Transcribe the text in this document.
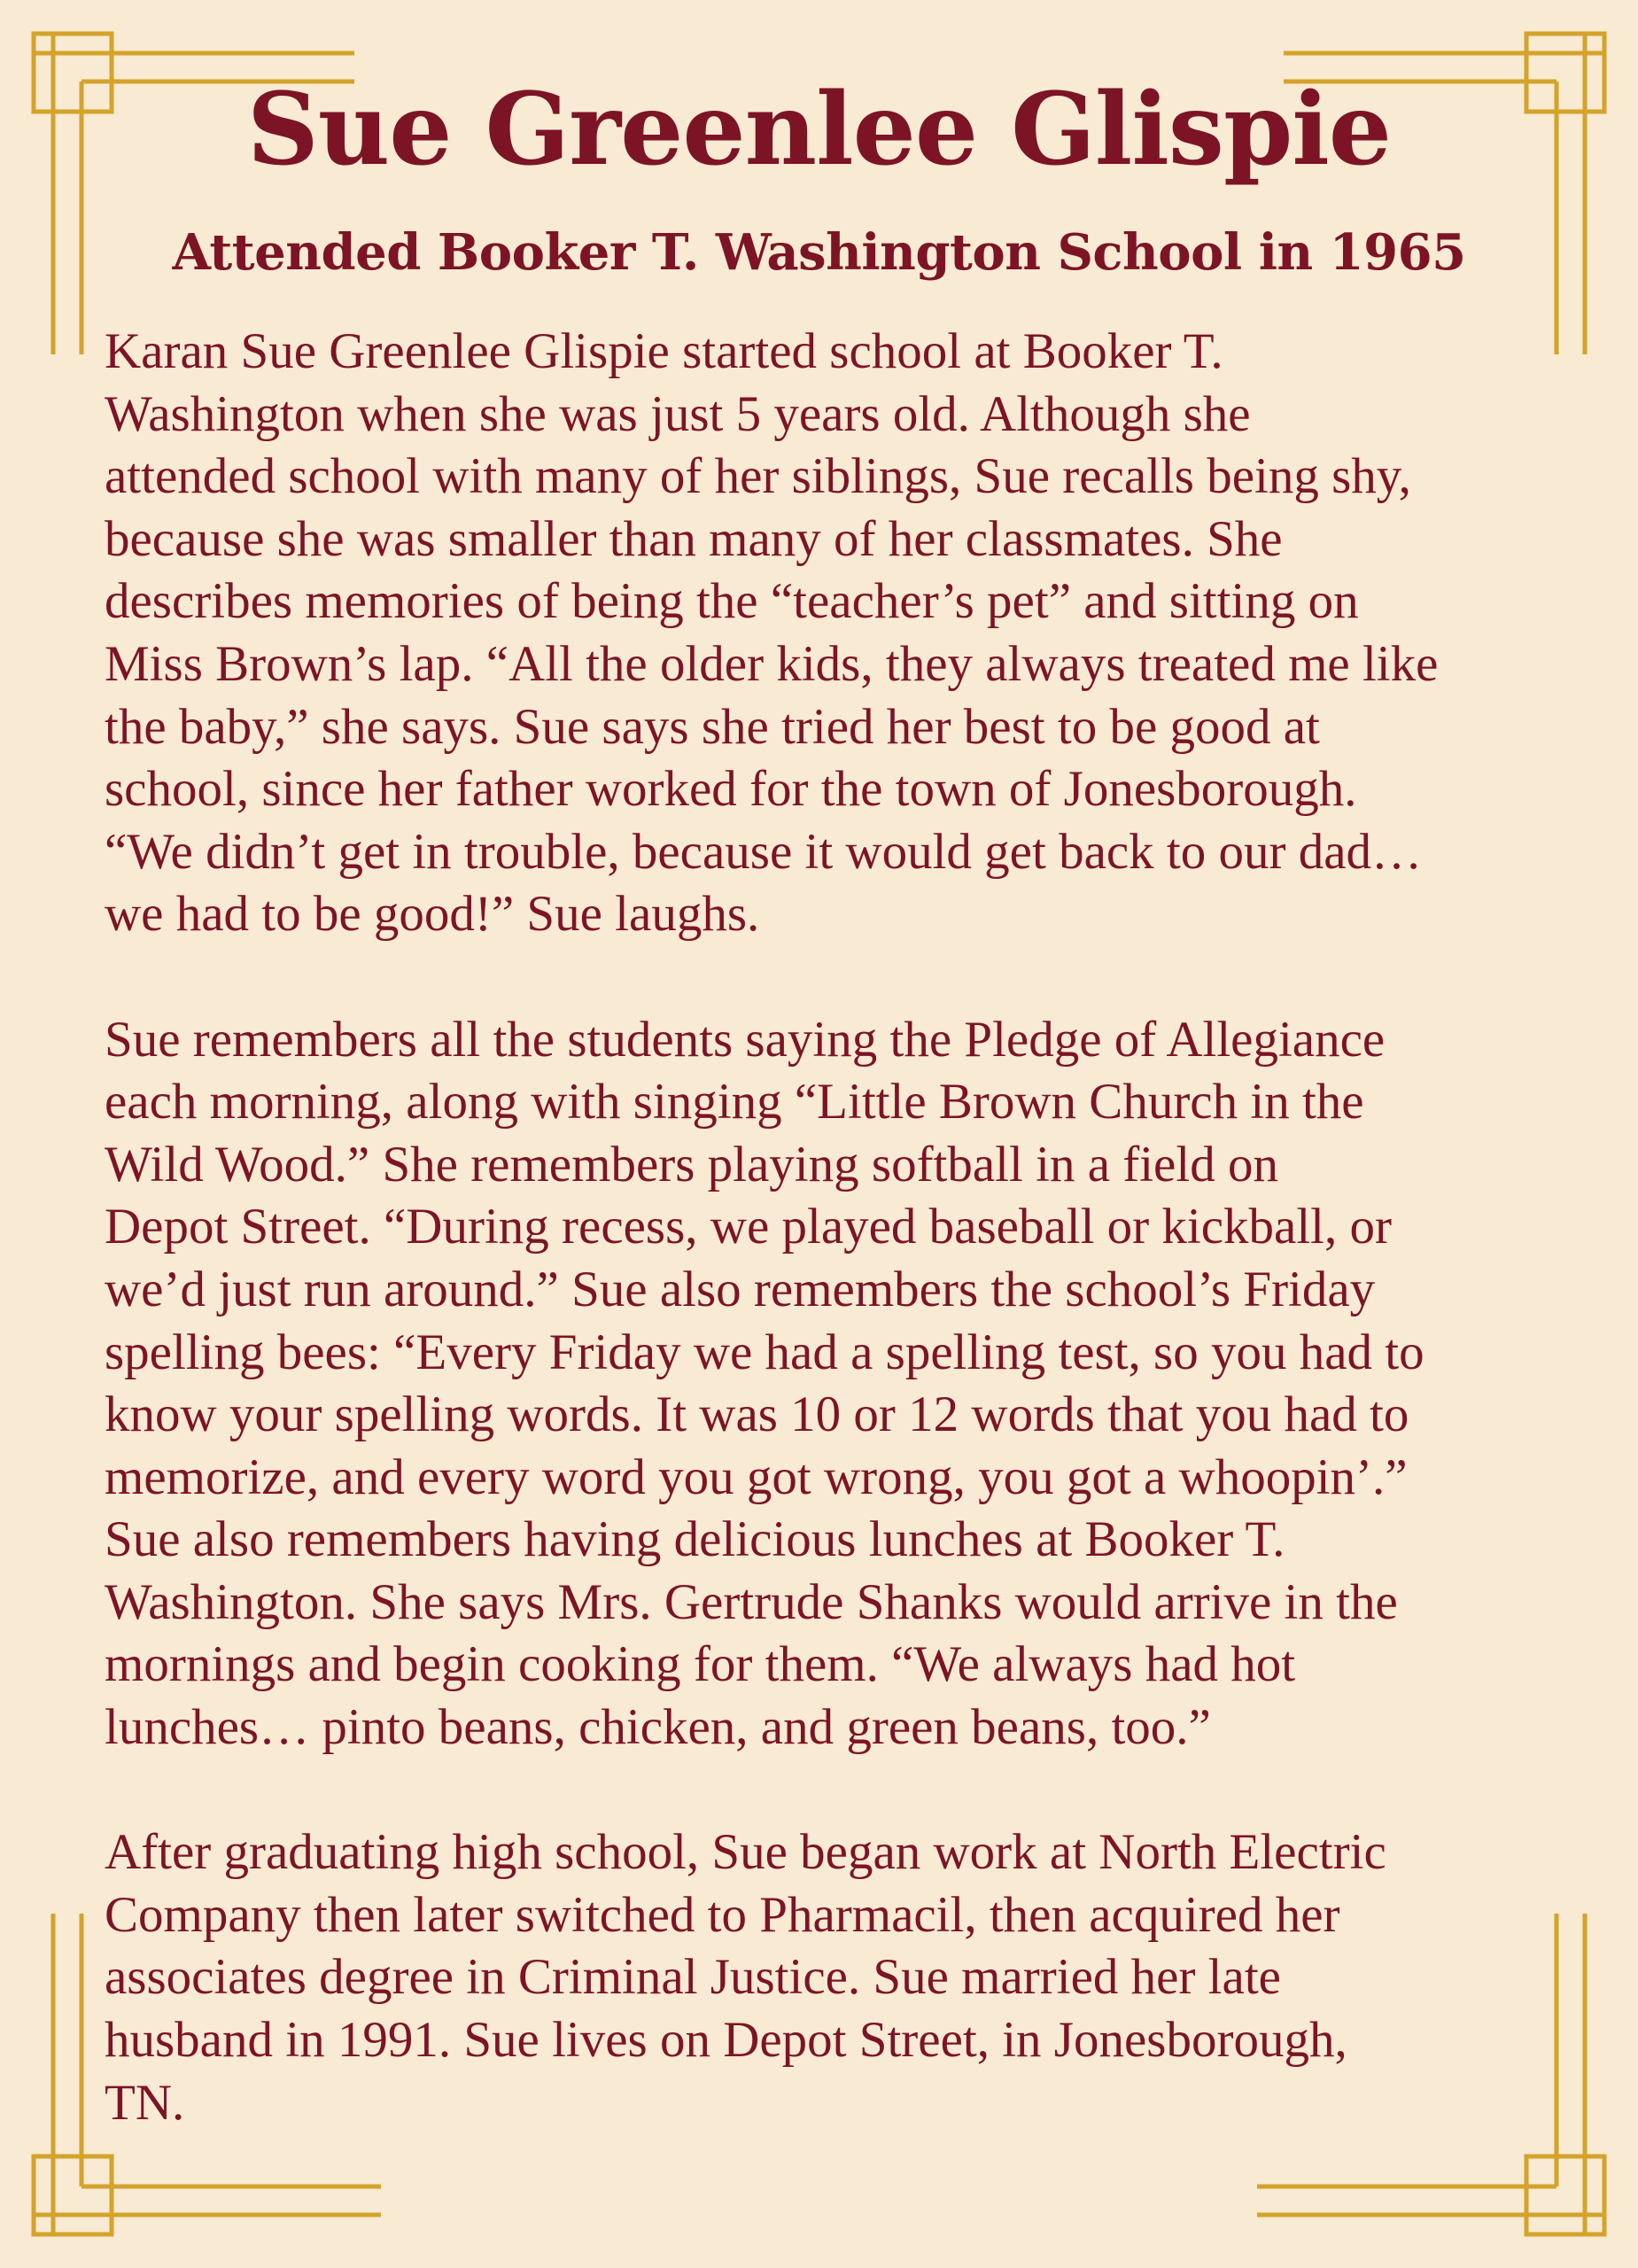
Sue Greenlee Glispie
Attended Booker T. Washington School in 1965

Karan Sue Greenlee Glispie started school at Booker T.
Washington when she was just 5 years old. Although she
attended school with many of her siblings, Sue recalls being shy,
because she was smaller than many of her classmates. She
describes memories of being the “teacher’s pet” and sitting on
Miss Brown’s lap. “All the older kids, they always treated me like
the baby,” she says. Sue says she tried her best to be good at
school, since her father worked for the town of Jonesborough.
“We didn’t get in trouble, because it would get back to our dad…
we had to be good!” Sue laughs.

Sue remembers all the students saying the Pledge of Allegiance
each morning, along with singing “Little Brown Church in the
Wild Wood.” She remembers playing softball in a field on
Depot Street. “During recess, we played baseball or kickball, or
we’d just run around.” Sue also remembers the school’s Friday
spelling bees: “Every Friday we had a spelling test, so you had to
know your spelling words. It was 10 or 12 words that you had to
memorize, and every word you got wrong, you got a whoopin’.”
Sue also remembers having delicious lunches at Booker T.
Washington. She says Mrs. Gertrude Shanks would arrive in the
mornings and begin cooking for them. “We always had hot
lunches… pinto beans, chicken, and green beans, too.”

After graduating high school, Sue began work at North Electric
Company then later switched to Pharmacil, then acquired her
associates degree in Criminal Justice. Sue married her late
husband in 1991. Sue lives on Depot Street, in Jonesborough,
TN.
